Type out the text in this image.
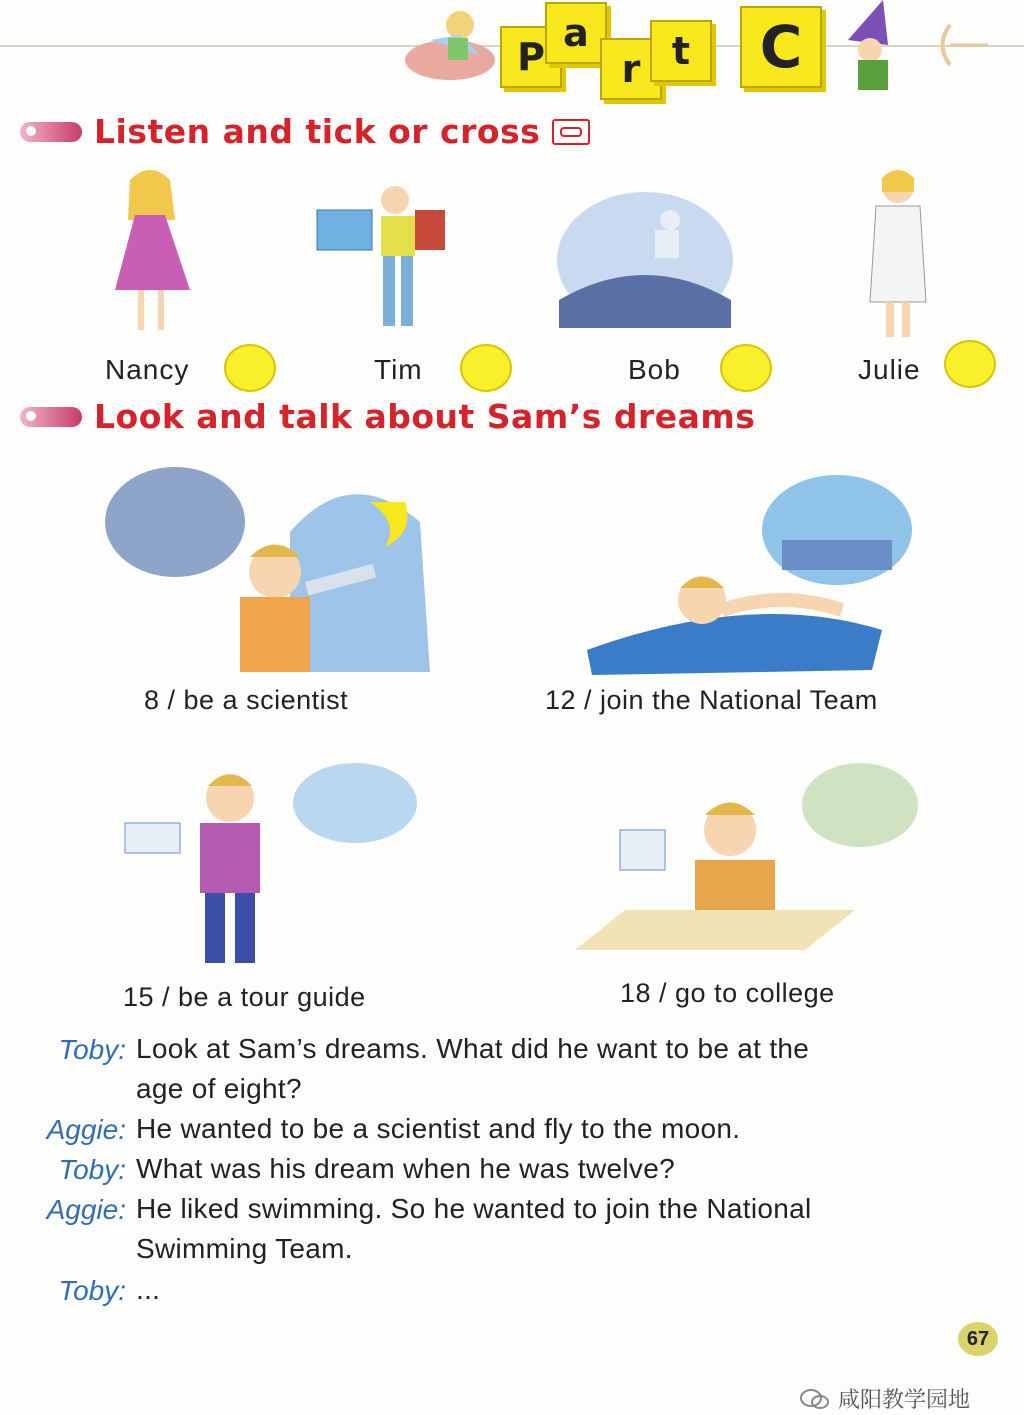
P
a
r t C
Listen and tick or cross
Nancy	Tim	Bob	Julie
Look and talk about Sam’s dreams
8 / be a scientist	12 / join the National Team
15 / be a tour guide	18 / go to college
Toby: Look at Sam’s dreams. What did he want to be at the
age of eight?
Aggie: He wanted to be a scientist and fly to the moon.
Toby: What was his dream when he was twelve?
Aggie: He liked swimming. So he wanted to join the National
Swimming Team.
Toby: ...
67
咸阳教学园地
